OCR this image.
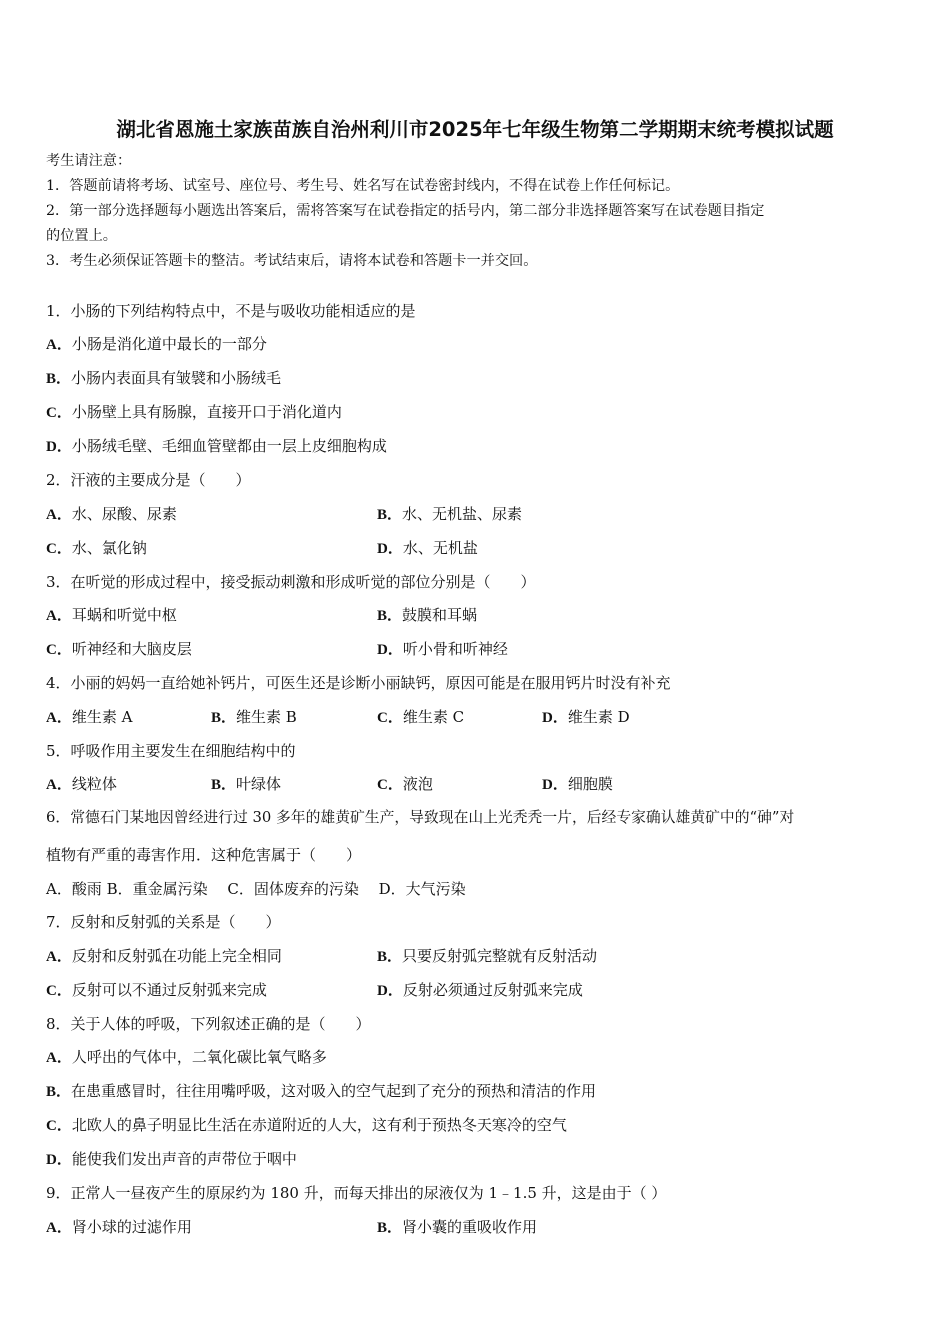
湖北省恩施土家族苗族自治州利川市2025年七年级生物第二学期期末统考模拟试题
考生请注意：
1．答题前请将考场、试室号、座位号、考生号、姓名写在试卷密封线内，不得在试卷上作任何标记。
2．第一部分选择题每小题选出答案后，需将答案写在试卷指定的括号内，第二部分非选择题答案写在试卷题目指定
的位置上。
3．考生必须保证答题卡的整洁。考试结束后，请将本试卷和答题卡一并交回。
1．小肠的下列结构特点中，不是与吸收功能相适应的是
A．小肠是消化道中最长的一部分
B．小肠内表面具有皱襞和小肠绒毛
C．小肠壁上具有肠腺，直接开口于消化道内
D．小肠绒毛壁、毛细血管壁都由一层上皮细胞构成
2．汗液的主要成分是（　　）
A．水、尿酸、尿素	B．水、无机盐、尿素
C．水、氯化钠	D．水、无机盐
3．在听觉的形成过程中，接受振动刺激和形成听觉的部位分别是（　　）
A．耳蜗和听觉中枢	B．鼓膜和耳蜗
C．听神经和大脑皮层	D．听小骨和听神经
4．小丽的妈妈一直给她补钙片，可医生还是诊断小丽缺钙，原因可能是在服用钙片时没有补充
A．维生素 A	B．维生素 B	C．维生素 C	D．维生素 D
5．呼吸作用主要发生在细胞结构中的
A．线粒体	B．叶绿体	C．液泡	D．细胞膜
6．常德石门某地因曾经进行过 30 多年的雄黄矿生产，导致现在山上光秃秃一片，后经专家确认雄黄矿中的“砷”对
植物有严重的毒害作用．这种危害属于（　　）
A．酸雨 B．重金属污染　 C．固体废弃的污染　 D．大气污染
7．反射和反射弧的关系是（　　）
A．反射和反射弧在功能上完全相同	B．只要反射弧完整就有反射活动
C．反射可以不通过反射弧来完成	D．反射必须通过反射弧来完成
8．关于人体的呼吸，下列叙述正确的是（　　）
A．人呼出的气体中，二氧化碳比氧气略多
B．在患重感冒时，往往用嘴呼吸，这对吸入的空气起到了充分的预热和清洁的作用
C．北欧人的鼻子明显比生活在赤道附近的人大，这有利于预热冬天寒冷的空气
D．能使我们发出声音的声带位于咽中
9．正常人一昼夜产生的原尿约为 180 升，而每天排出的尿液仅为 1﹣1.5 升，这是由于（ ）
A．肾小球的过滤作用	B．肾小囊的重吸收作用
